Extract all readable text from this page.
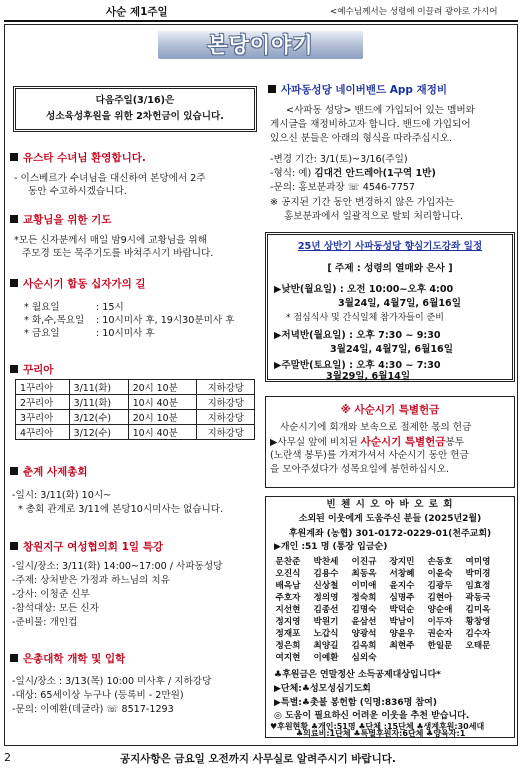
사순 제1주일	<예수님께서는 성령에 이끌려 광야로 가시어
본당이야기
다음주일(3/16)은
성소육성후원을 위한 2차헌금이 있습니다.
유스타 수녀님 환영합니다.
- 이스베르가 수녀님을 대신하여 본당에서 2주
동안 수고하시겠습니다.
교황님을 위한 기도
*모든 신자분께서 매일 밤9시에 교황님을 위해
주모경 또는 묵주기도를 바쳐주시기 바랍니다.
사순시기 합동 십자가의 길
* 월요일	: 15시
* 화,수,목요일 : 10시미사 후, 19시30분미사 후
* 금요일	: 10시미사 후
꾸리아
1꾸리아	3/11(화)	20시 10분	지하강당
2꾸리아	3/11(화)	10시 40분	지하강당
3꾸리아	3/12(수)	20시 10분	지하강당
4꾸리아	3/12(수)	10시 40분	지하강당
춘계 사제총회
-일시: 3/11(화) 10시~
* 총회 관계로 3/11에 본당10시미사는 없습니다.
창원지구 여성협의회 1일 특강
-일시/장소: 3/11(화) 14:00~17:00 / 사파동성당
-주제: 상처받은 가정과 하느님의 치유
-강사: 이청준 신부
-참석대상: 모든 신자
-준비물: 개인컵
은총대학 개학 및 입학
-일시/장소 : 3/13(목) 10:00 미사후 / 지하강당
-대상: 65세이상 누구나 (등록비 - 2만원)
-문의: 이예환(데글라) ☏ 8517-1293
사파동성당 네이버밴드 App 재정비
<사파동 성당> 밴드에 가입되어 있는 멤버와
게시글을 재정비하고자 합니다. 밴드에 가입되어
있으신 분들은 아래의 형식을 따라주십시오.
-변경 기간: 3/1(토)~3/16(주일)
-형식: 예) 김대건 안드레아(1구역 1반)
-문의: 홍보분과장 ☏ 4546-7757
※ 공지된 기간 동안 변경하지 않은 가입자는
홍보분과에서 일괄적으로 탈퇴 처리합니다.
25년 상반기 사파동성당 향심기도강좌 일정
[ 주제 : 성령의 열매와 은사 ]
▶낮반(월요일) : 오전 10:00~오후 4:00
3월24일, 4월7일, 6월16일
* 점심식사 및 간식일체 참가자들이 준비
▶저녁반(월요일) : 오후 7:30 ~ 9:30
3월24일, 4월7일, 6월16일
▶주말반(토요일) : 오후 4:30 ~ 7:30
3월29일, 6월14일
※ 사순시기 특별헌금
사순시기에 회개와 보속으로 절제한 몫의 헌금
▶사무실 앞에 비치된 사순시기 특별헌금봉투
(노란색 봉투)를 가져가셔서 사순시기 동안 헌금
을 모아주셨다가 성목요일에 봉헌하십시오.
빈 첸 시 오 아 바 오 로 회
소외된 이웃에게 도움주신 분들 (2025년2월)
후원계좌 (농협) 301-0172-0229-01(천주교회)
▶개인 :51 명 (통장 입금순)
문찬준 박찬세 이진규 장지민 손동호 여미영
오진식 김용수 최동옥 서창혜 이윤숙 박미경
배옥남 신상철 이미애 윤지수 김광두 임효정
주호자 정의영 정숙희 심명주 김현아 곽동국
지선현 김종선 김명숙 박덕순 양순애 김미옥
정지영 박원기 윤삼선 박남이 이두자 황창영
정재포 노갑식 양광석 양윤우 권순자 김수자
정은희 최양길 김옥희 최현주 한일문 오태문
여지현 이예환 심외숙
♣후원금은 연말정산 소득공제대상입니다*
▶단체:♣성모성심기도회
▶특별:♣촛불 봉헌함 (익명:836명 참여)
◎ 도움이 필요하신 어려운 이웃을 추천 받습니다.
♥후원현황 ♣개인:51명 ♣단체 :15단체 ♣생계후원:30세대
♣의료비:1단체 ♣특별후원자:6단체 ♣양육자:1
2	공지사항은 금요일 오전까지 사무실로 알려주시기 바랍니다.
